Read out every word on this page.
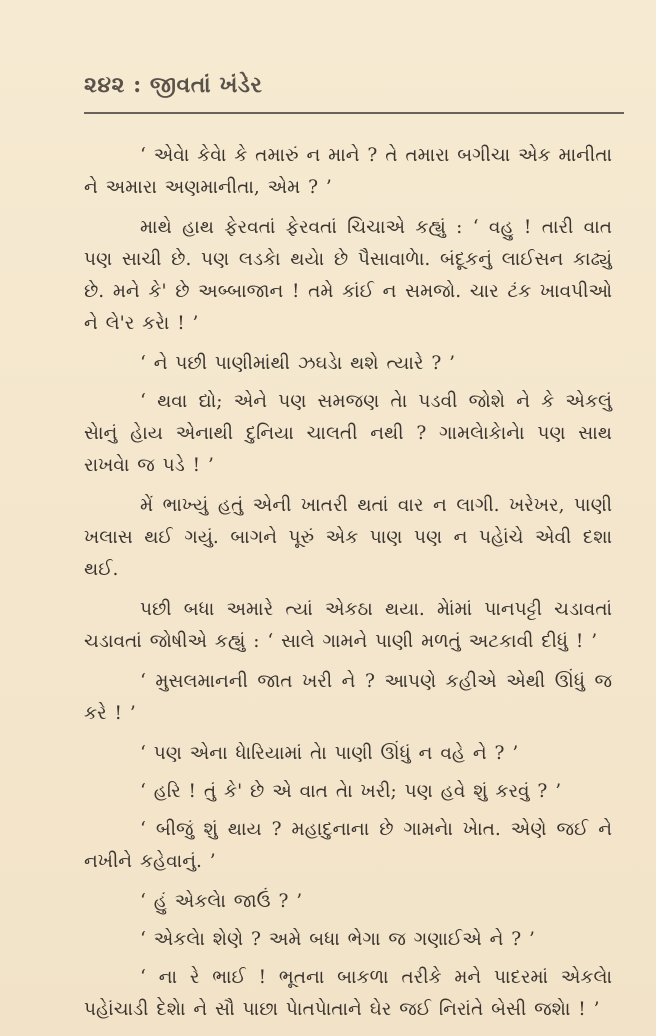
૨૪૨ : જીવતાં ખંડેર

‘ એવેા કેવેા કે તમારું ન માને ? તે તમારા બગીચા એક માનીતા ને અમારા અણમાનીતા, એમ ? ’

માથે હાથ ફેરવતાં ફેરવતાં ચિચાએ કહ્યું : ‘ વહુ ! તારી વાત પણ સાચી છે. પણ લડકેા થયેા છે પૈસાવાળેા. બંદૂકનું લાઈસન કાઢ્યું છે. મને કે' છે અબ્બાજાન ! તમે કાંઈ ન સમજો. ચાર ટંક ખાવપીઓ ને લે'ર કરેા ! ’

‘ ને પછી પાણીમાંથી ઝઘડેા થશે ત્યારે ? ’

‘ થવા દ્યો; એને પણ સમજણ તેા પડવી જોશે ને કે એકલું સેાનું હેાય એનાથી દુનિયા ચાલતી નથી ? ગામલેાકેાનેા પણ સાથ રાખવેા જ પડે ! ’

મેં ભાખ્યું હતું એની ખાતરી થતાં વાર ન લાગી. ખરેખર, પાણી ખલાસ થઈ ગયું. બાગને પૂરું એક પાણ પણ ન પહેાંચે એવી દશા થઈ.

પછી બધા અમારે ત્યાં એકઠા થયા. મેાંમાં પાનપટ્ટી ચડાવતાં ચડાવતાં જોષીએ કહ્યું : ‘ સાલે ગામને પાણી મળતું અટકાવી દીધું ! ’

‘ મુસલમાનની જાત ખરી ને ? આપણે કહીએ એથી ઊંધું જ કરે ! ’

‘ પણ એના ધેારિયામાં તેા પાણી ઊંધું ન વહે ને ? ’

‘ હરિ ! તું કે' છે એ વાત તેા ખરી; પણ હવે શું કરવું ? ’

‘ બીજું શું થાય ? મહાદુનાના છે ગામનેા ખેાત. એણે જઈ ને નખીને કહેવાનું. ’

‘ હું એકલેા જાઉં ? ’

‘ એકલેા શેણે ? અમે બધા ભેગા જ ગણાઈએ ને ? ’

‘ ના રે ભાઈ ! ભૂતના બાકળા તરીકે મને પાદરમાં એકલેા પહેાંચાડી દેશેા ને સૌ પાછા પેાતપેાતાને ઘેર જઈ નિરાંતે બેસી જશેા ! ’
